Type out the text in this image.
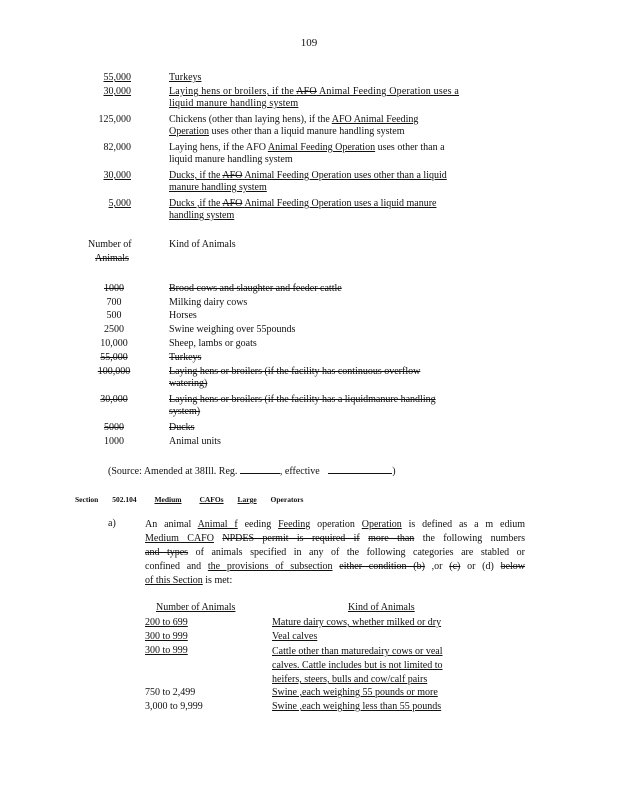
109
55,000	Turkeys
30,000	Laying hens or broilers, if the AFO Animal Feeding Operation uses a
liquid manure handling system
125,000	Chickens (other than laying hens), if the AFO Animal Feeding
Operation uses other than a liquid manure handling system
82,000	Laying hens, if the AFO Animal Feeding Operation uses other than a
liquid manure handling system
30,000	Ducks, if the AFO Animal Feeding Operation uses other than a liquid
manure handling system
5,000	Ducks ,if the AFO Animal Feeding Operation uses a liquid manure
handling system
Number of
Animals
Kind of Animals
1000	Brood cows and slaughter and feeder cattle
700	Milking dairy cows
500	Horses
2500	Swine weighing over 55pounds
10,000	Sheep, lambs or goats
55,000	Turkeys
100,000	Laying hens or broilers (if the facility has continuous overflow
watering)
30,000	Laying hens or broilers (if the facility has a liquidmanure handling
system)
5000	Ducks
1000	Animal units
(Source: Amended at 38Ill. Reg.	, effective	)
Section 502.104 Medium CAFOs Large Operators
a)	An animal Animal f eeding Feeding operation Operation is defined as a m edium
Medium CAFO NPDES permit is required if more than the following numbers
and types of animals specified in any of the following categories are stabled or
confined and the provisions of subsection either condition (b) ,or (c) or (d) below
of this Section is met:
Number of Animals	Kind of Animals
200 to 699	Mature dairy cows, whether milked or dry
300 to 999	Veal calves
300 to 999	Cattle other than maturedairy cows or veal
calves. Cattle includes but is not limited to
heifers, steers, bulls and cow/calf pairs
750 to 2,499	Swine ,each weighing 55 pounds or more
3,000 to 9,999	Swine ,each weighing less than 55 pounds
